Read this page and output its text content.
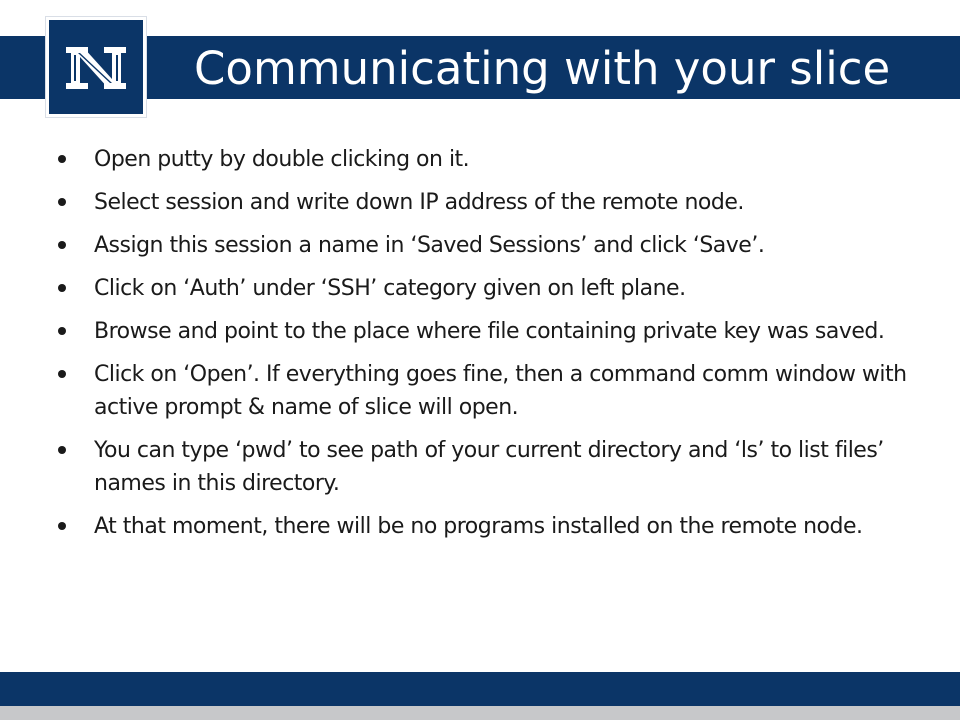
Communicating with your slice
Open putty by double clicking on it.
Select session and write down IP address of the remote node.
Assign this session a name in ‘Saved Sessions’ and click ‘Save’.
Click on ‘Auth’ under ‘SSH’ category given on left plane.
Browse and point to the place where file containing private key was saved.
Click on ‘Open’. If everything goes fine, then a command comm window with active prompt & name of slice will open.
You can type ‘pwd’ to see path of your current directory and ‘ls’ to list files’ names in this directory.
At that moment, there will be no programs installed on the remote node.
